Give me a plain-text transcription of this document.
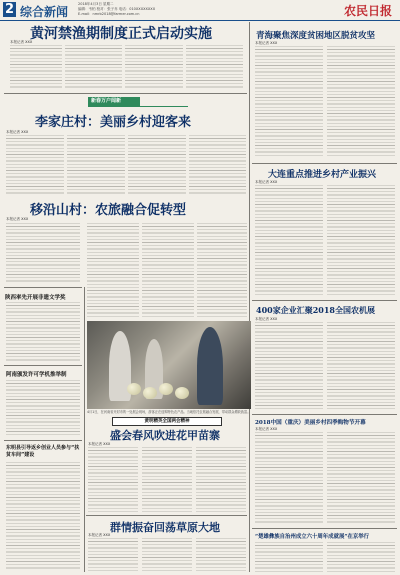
2 综合新闻
2018年4月3日 星期二
编辑：韦柏 校对：张子乔 电话：010XXXXXXXX
E-mail：nmrb2018@farmer.com.cn	农民日报
黄河禁渔期制度正式启动实施
本报记者 XXX
新春万户闻新
李家庄村：美丽乡村迎客来
本报记者 XXX
移沿山村：农旅融合促转型
本报记者 XXX
陕西率先开展非遗文学奖
阿南颁发许可学机推举制
东明县引导返乡创业人员参与“扶贫车间”建设
4月1日，在河南省开封市的一处展会现场，游客正在选购特色农产品。当地依托农旅融合发展，带动群众增收致富。
黄明精英全国两会精神
盛会春风吹进花甲苗寨
本报记者 XXX
群情振奋回荡草原大地
本报记者 XXX
青海聚焦深度贫困地区脱贫攻坚
本报记者 XXX
大连重点推进乡村产业振兴
本报记者 XXX
400家企业汇聚2018全国农机展
本报记者 XXX
2018中国（重庆）美丽乡村四季购物节开幕
本报记者 XXX
“楚雄彝族自治州成立六十周年成就展”在京举行
